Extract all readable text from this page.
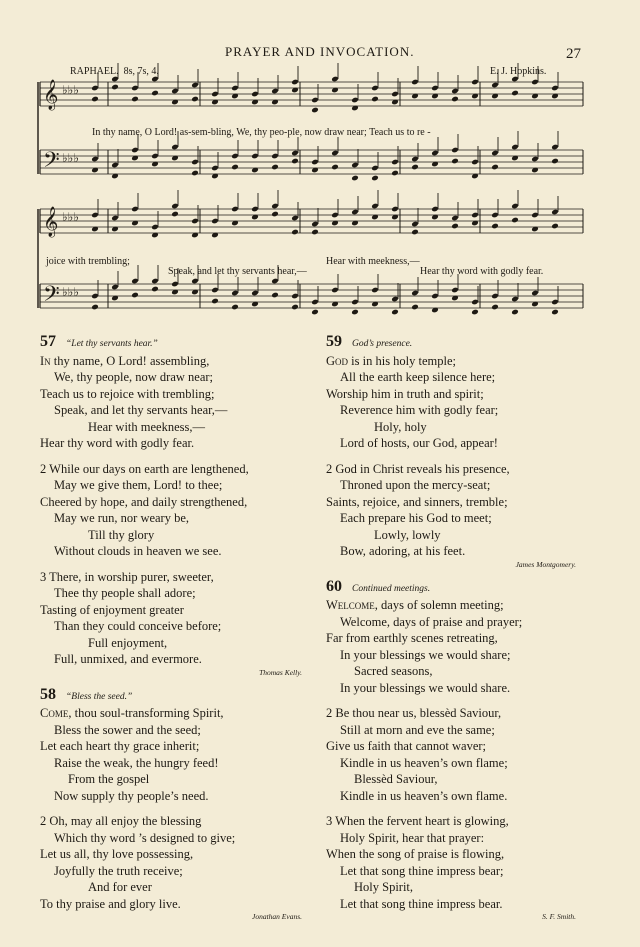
PRAYER AND INVOCATION.	27
RAPHAEL. 8s, 7s, 4.	E. J. Hopkins.
𝄞 ♭♭♭
𝄢 ♭♭♭
𝄞 ♭♭♭
𝄢 ♭♭♭
In thy name, O Lord! as-sem-bling, We, thy peo-ple, now draw near; Teach us to re -
joice with trembling;
Speak, and let thy servants hear,—
Hear with meekness,—
Hear thy word with godly fear.
57 “Let thy servants hear.”
In thy name, O Lord! assembling,
We, thy people, now draw near;
Teach us to rejoice with trembling;
Speak, and let thy servants hear,—
Hear with meekness,—
Hear thy word with godly fear.
2 While our days on earth are lengthened,
May we give them, Lord! to thee;
Cheered by hope, and daily strengthened,
May we run, nor weary be,
Till thy glory
Without clouds in heaven we see.
3 There, in worship purer, sweeter,
Thee thy people shall adore;
Tasting of enjoyment greater
Than they could conceive before;
Full enjoyment,
Full, unmixed, and evermore.
Thomas Kelly.
58 “Bless the seed.”
Come, thou soul-transforming Spirit,
Bless the sower and the seed;
Let each heart thy grace inherit;
Raise the weak, the hungry feed!
From the gospel
Now supply thy people’s need.
2 Oh, may all enjoy the blessing
Which thy word ’s designed to give;
Let us all, thy love possessing,
Joyfully the truth receive;
And for ever
To thy praise and glory live.
Jonathan Evans.
59 God’s presence.
God is in his holy temple;
All the earth keep silence here;
Worship him in truth and spirit;
Reverence him with godly fear;
Holy, holy
Lord of hosts, our God, appear!
2 God in Christ reveals his presence,
Throned upon the mercy-seat;
Saints, rejoice, and sinners, tremble;
Each prepare his God to meet;
Lowly, lowly
Bow, adoring, at his feet.
James Montgomery.
60 Continued meetings.
Welcome, days of solemn meeting;
Welcome, days of praise and prayer;
Far from earthly scenes retreating,
In your blessings we would share;
Sacred seasons,
In your blessings we would share.
2 Be thou near us, blessèd Saviour,
Still at morn and eve the same;
Give us faith that cannot waver;
Kindle in us heaven’s own flame;
Blessèd Saviour,
Kindle in us heaven’s own flame.
3 When the fervent heart is glowing,
Holy Spirit, hear that prayer:
When the song of praise is flowing,
Let that song thine impress bear;
Holy Spirit,
Let that song thine impress bear.
S. F. Smith.
